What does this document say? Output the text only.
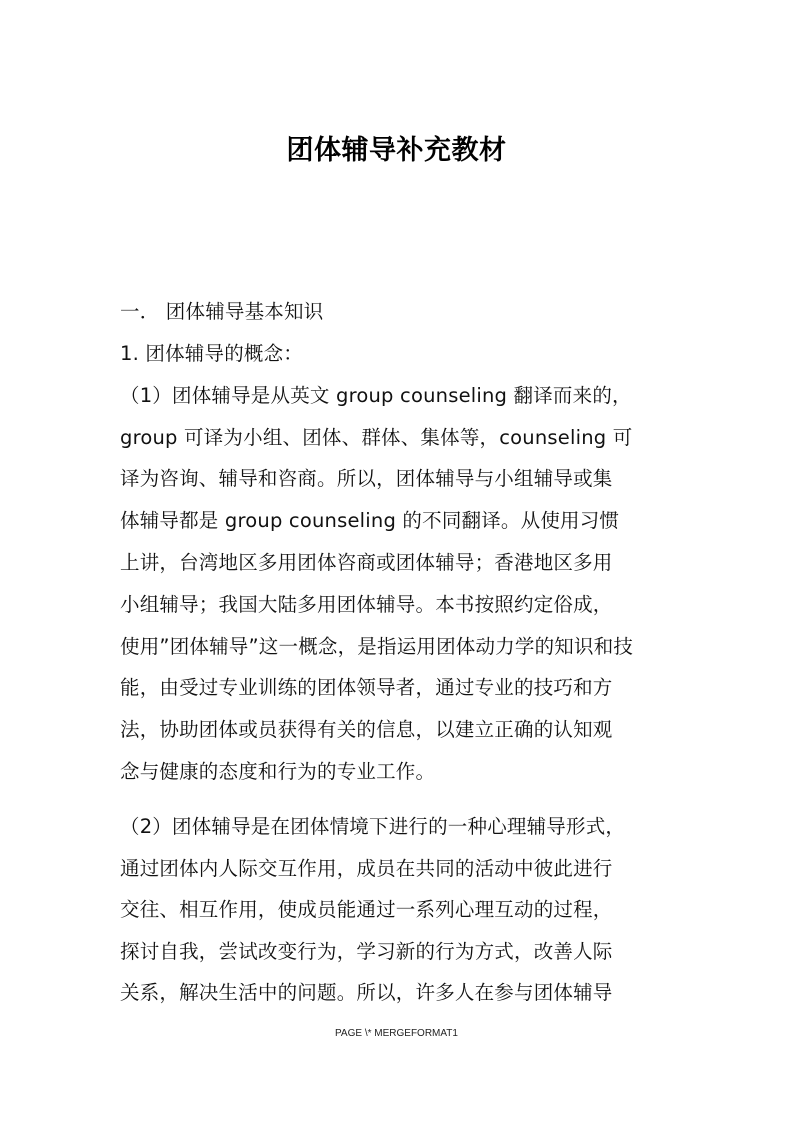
团体辅导补充教材
一． 团体辅导基本知识
1. 团体辅导的概念：
（1）团体辅导是从英文 group counseling 翻译而来的，
group 可译为小组、团体、群体、集体等，counseling 可
译为咨询、辅导和咨商。所以，团体辅导与小组辅导或集
体辅导都是 group counseling 的不同翻译。从使用习惯
上讲，台湾地区多用团体咨商或团体辅导；香港地区多用
小组辅导；我国大陆多用团体辅导。本书按照约定俗成，
使用”团体辅导”这一概念，是指运用团体动力学的知识和技
能，由受过专业训练的团体领导者，通过专业的技巧和方
法，协助团体或员获得有关的信息，以建立正确的认知观
念与健康的态度和行为的专业工作。
（2）团体辅导是在团体情境下进行的一种心理辅导形式，
通过团体内人际交互作用，成员在共同的活动中彼此进行
交往、相互作用，使成员能通过一系列心理互动的过程，
探讨自我，尝试改变行为，学习新的行为方式，改善人际
关系，解决生活中的问题。所以，许多人在参与团体辅导
PAGE \* MERGEFORMAT1
